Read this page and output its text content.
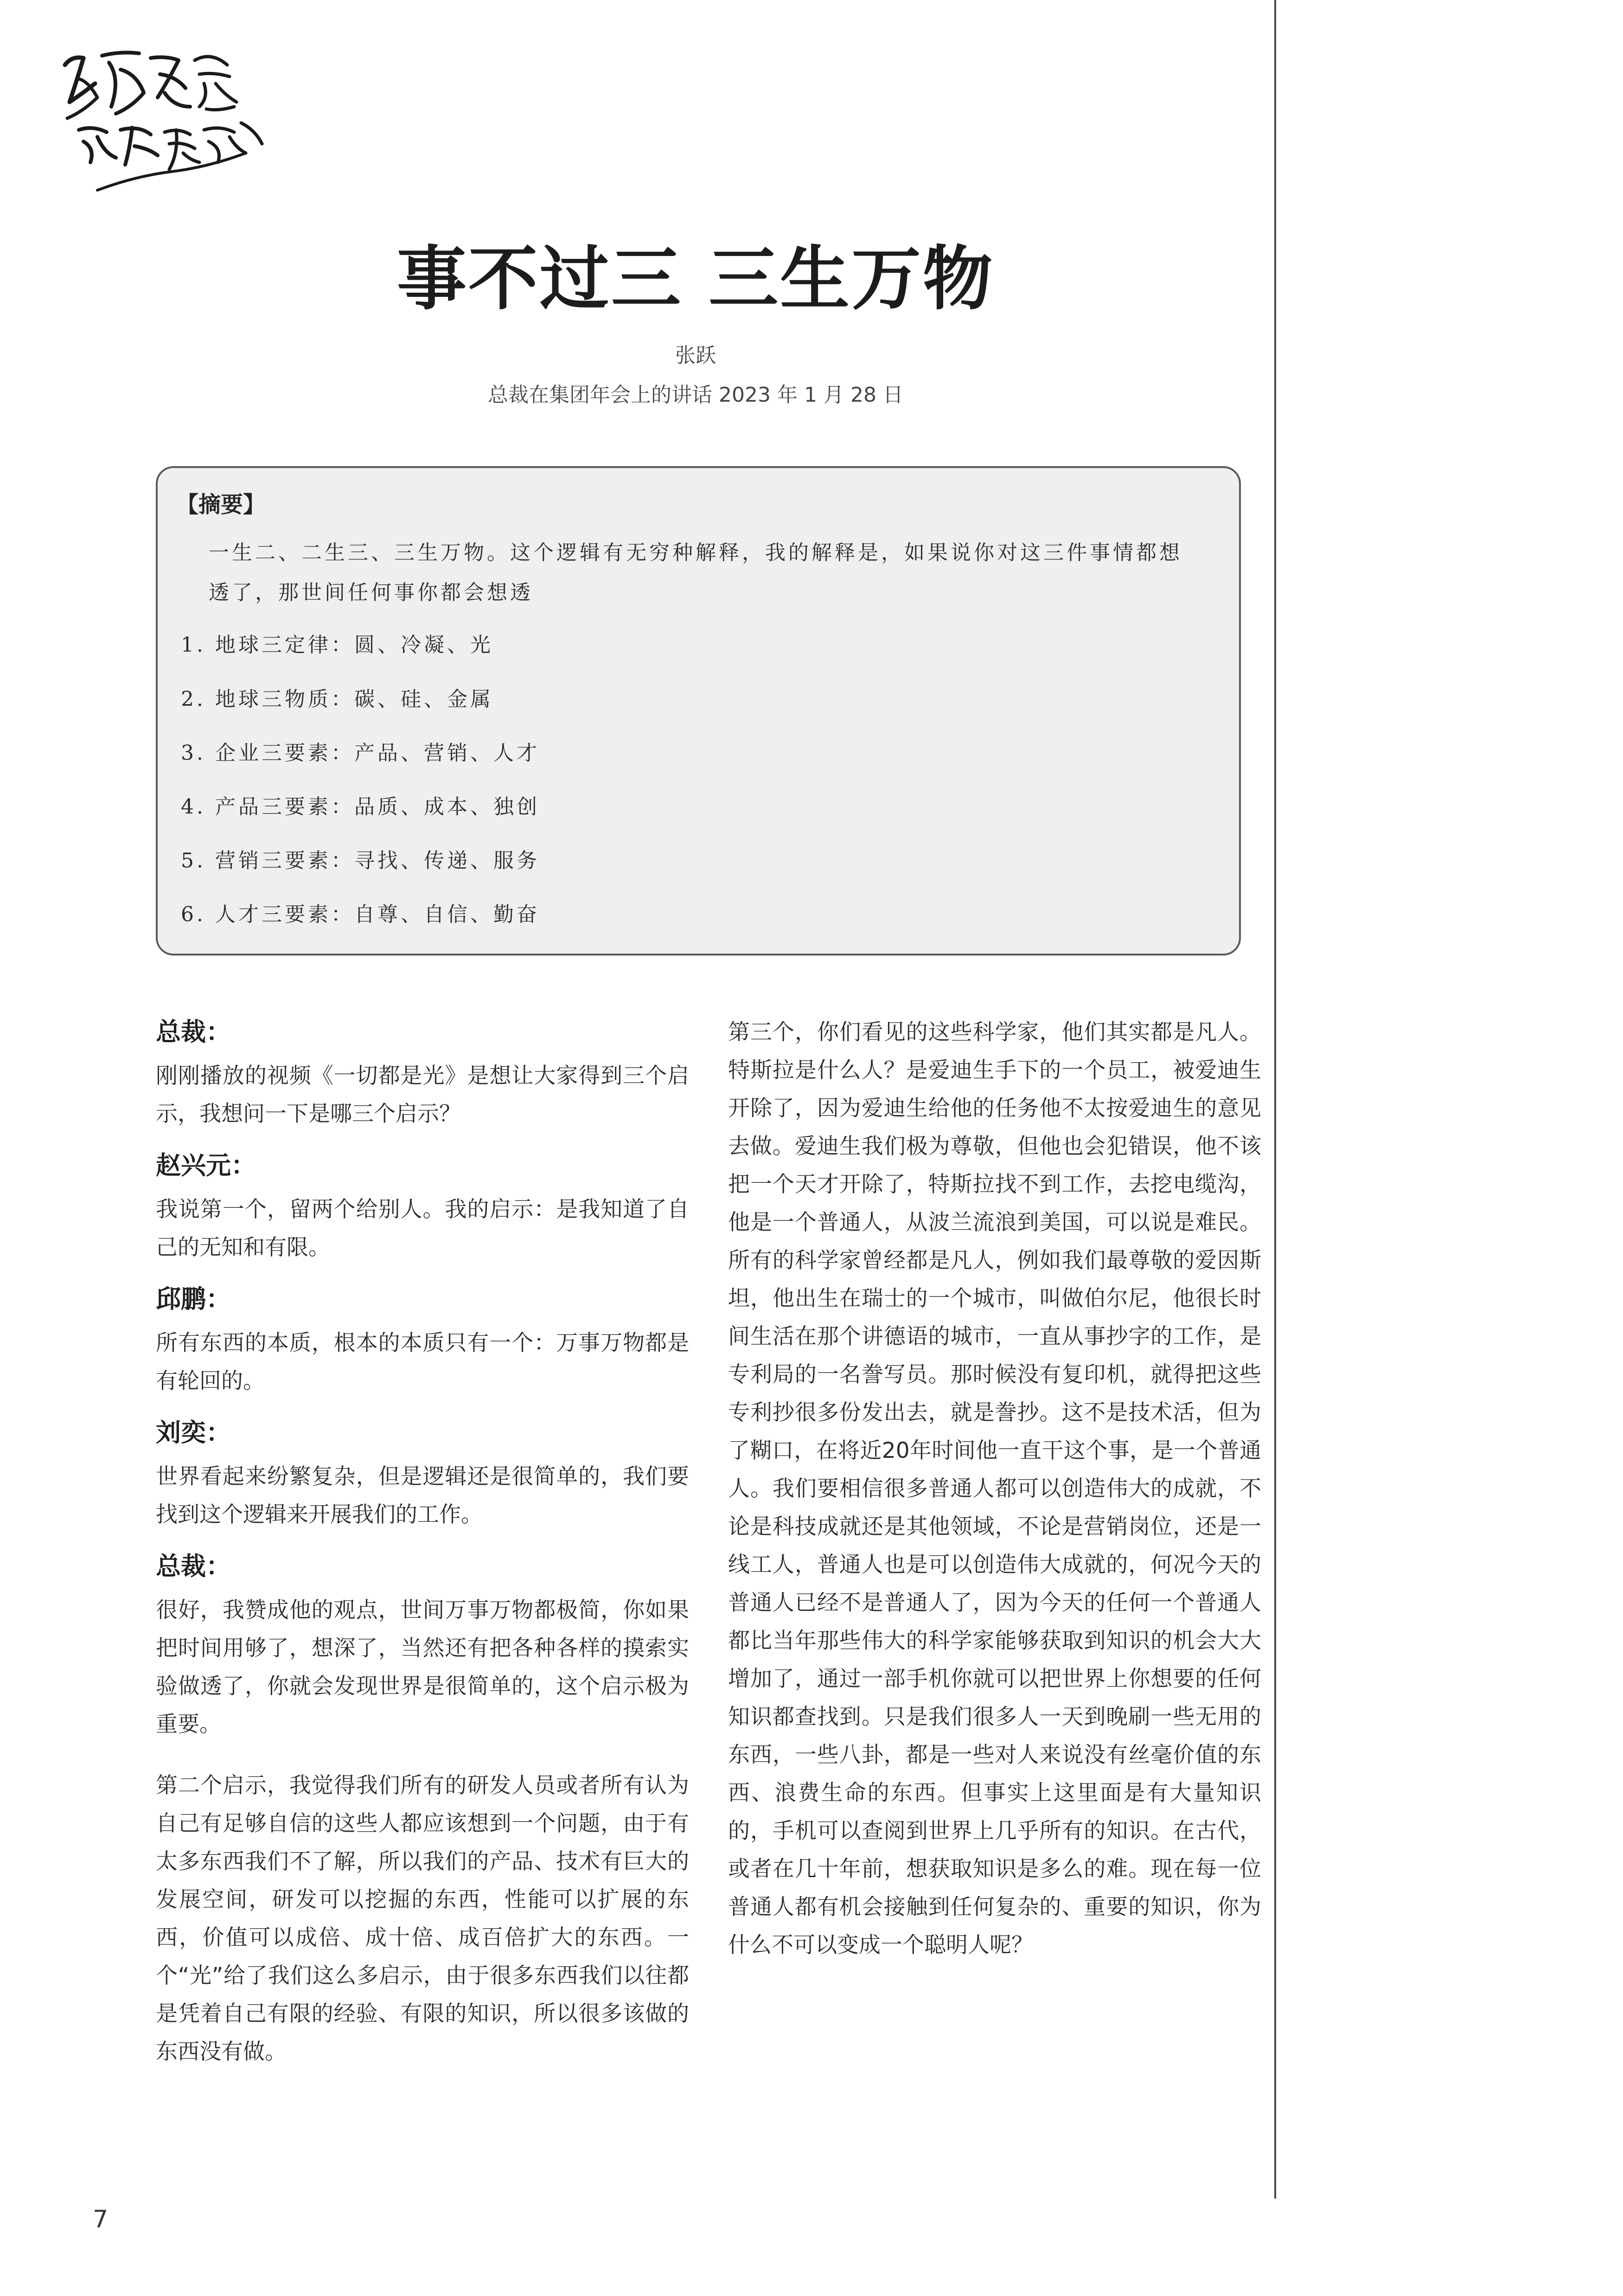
事不过三 三生万物
张跃
总裁在集团年会上的讲话 2023 年 1 月 28 日
【摘要】
一生二、二生三、三生万物。这个逻辑有无穷种解释，我的解释是，如果说你对这三件事情都想透了，那世间任何事你都会想透
1. 地球三定律：圆、冷凝、光
2. 地球三物质：碳、硅、金属
3. 企业三要素：产品、营销、人才
4. 产品三要素：品质、成本、独创
5. 营销三要素：寻找、传递、服务
6. 人才三要素：自尊、自信、勤奋
总裁：
刚刚播放的视频《一切都是光》是想让大家得到三个启示，我想问一下是哪三个启示？
赵兴元：
我说第一个，留两个给别人。我的启示：是我知道了自己的无知和有限。
邱鹏：
所有东西的本质，根本的本质只有一个：万事万物都是有轮回的。
刘奕：
世界看起来纷繁复杂，但是逻辑还是很简单的，我们要找到这个逻辑来开展我们的工作。
总裁：
很好，我赞成他的观点，世间万事万物都极简，你如果把时间用够了，想深了，当然还有把各种各样的摸索实验做透了，你就会发现世界是很简单的，这个启示极为重要。
第二个启示，我觉得我们所有的研发人员或者所有认为自己有足够自信的这些人都应该想到一个问题，由于有太多东西我们不了解，所以我们的产品、技术有巨大的发展空间，研发可以挖掘的东西，性能可以扩展的东西，价值可以成倍、成十倍、成百倍扩大的东西。一个“光”给了我们这么多启示，由于很多东西我们以往都是凭着自己有限的经验、有限的知识，所以很多该做的东西没有做。
第三个，你们看见的这些科学家，他们其实都是凡人。特斯拉是什么人？是爱迪生手下的一个员工，被爱迪生开除了，因为爱迪生给他的任务他不太按爱迪生的意见去做。爱迪生我们极为尊敬，但他也会犯错误，他不该把一个天才开除了，特斯拉找不到工作，去挖电缆沟，他是一个普通人，从波兰流浪到美国，可以说是难民。所有的科学家曾经都是凡人，例如我们最尊敬的爱因斯坦，他出生在瑞士的一个城市，叫做伯尔尼，他很长时间生活在那个讲德语的城市，一直从事抄字的工作，是专利局的一名誊写员。那时候没有复印机，就得把这些专利抄很多份发出去，就是誊抄。这不是技术活，但为了糊口，在将近20年时间他一直干这个事，是一个普通人。我们要相信很多普通人都可以创造伟大的成就，不论是科技成就还是其他领域，不论是营销岗位，还是一线工人，普通人也是可以创造伟大成就的，何况今天的普通人已经不是普通人了，因为今天的任何一个普通人都比当年那些伟大的科学家能够获取到知识的机会大大增加了，通过一部手机你就可以把世界上你想要的任何知识都查找到。只是我们很多人一天到晚刷一些无用的东西，一些八卦，都是一些对人来说没有丝毫价值的东西、浪费生命的东西。但事实上这里面是有大量知识的，手机可以查阅到世界上几乎所有的知识。在古代，或者在几十年前，想获取知识是多么的难。现在每一位普通人都有机会接触到任何复杂的、重要的知识，你为什么不可以变成一个聪明人呢？
7
